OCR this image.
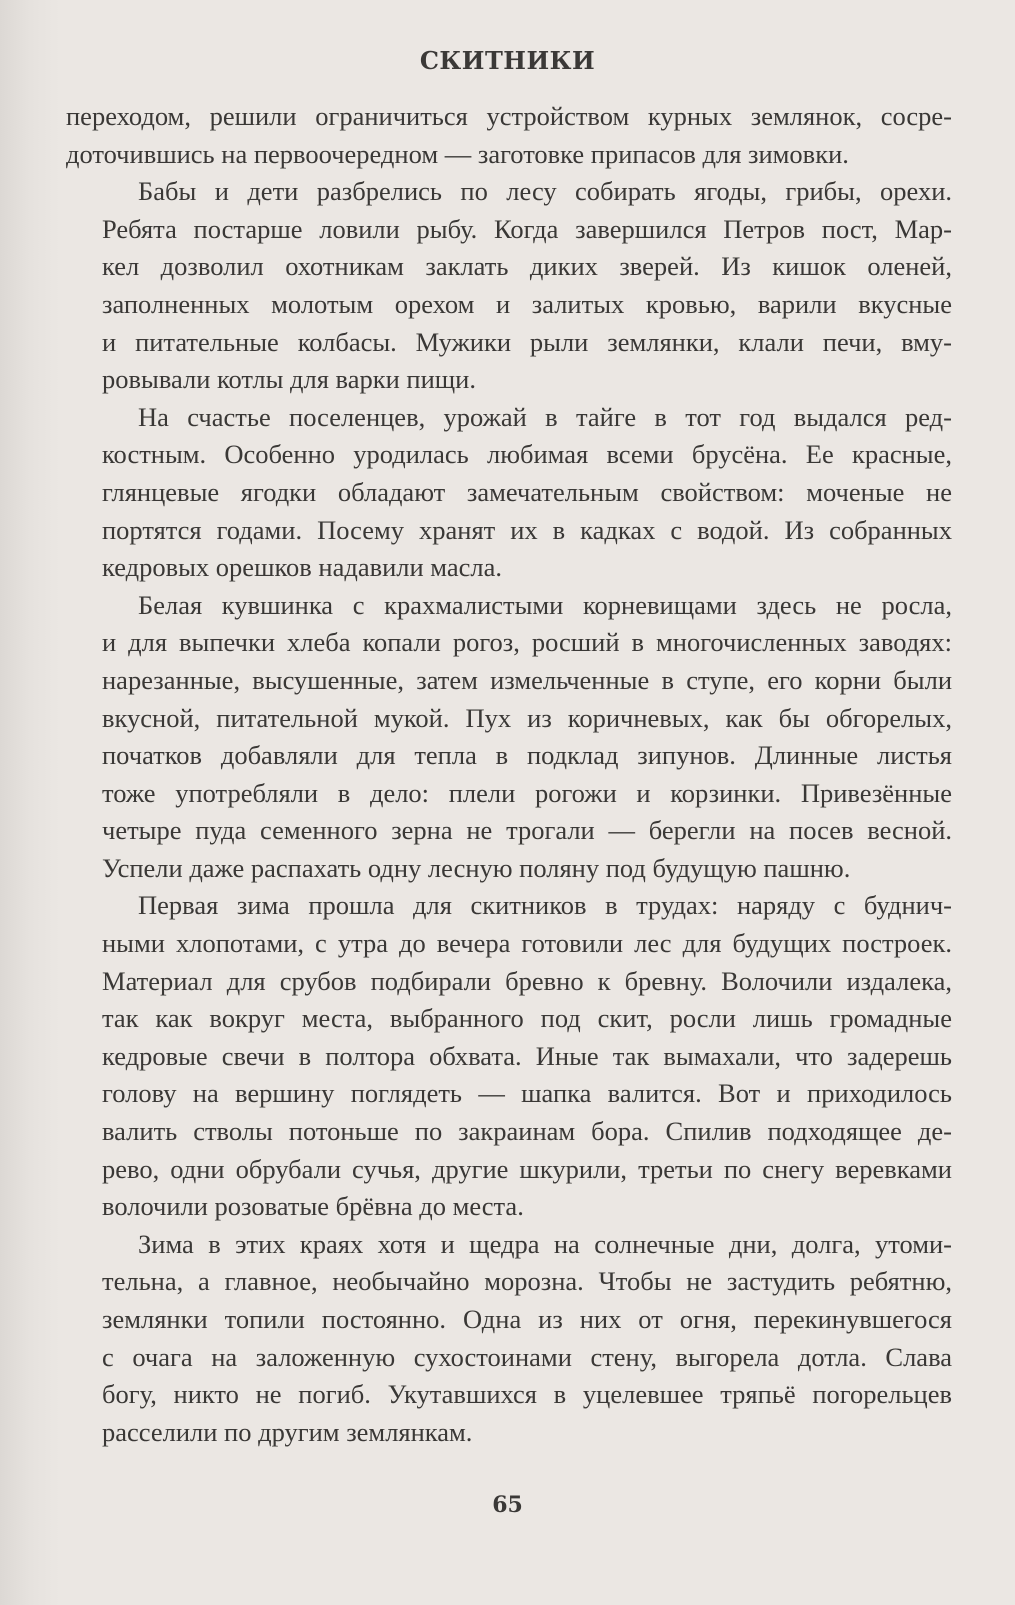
СКИТНИКИ
переходом, решили ограничиться устройством курных землянок, сосре-
доточившись на первоочередном — заготовке припасов для зимовки.
Бабы и дети разбрелись по лесу собирать ягоды, грибы, орехи.
Ребята постарше ловили рыбу. Когда завершился Петров пост, Мар-
кел дозволил охотникам заклать диких зверей. Из кишок оленей,
заполненных молотым орехом и залитых кровью, варили вкусные
и питательные колбасы. Мужики рыли землянки, клали печи, вму-
ровывали котлы для варки пищи.
На счастье поселенцев, урожай в тайге в тот год выдался ред-
костным. Особенно уродилась любимая всеми брусёна. Ее красные,
глянцевые ягодки обладают замечательным свойством: моченые не
портятся годами. Посему хранят их в кадках с водой. Из собранных
кедровых орешков надавили масла.
Белая кувшинка с крахмалистыми корневищами здесь не росла,
и для выпечки хлеба копали рогоз, росший в многочисленных заводях:
нарезанные, высушенные, затем измельченные в ступе, его корни были
вкусной, питательной мукой. Пух из коричневых, как бы обгорелых,
початков добавляли для тепла в подклад зипунов. Длинные листья
тоже употребляли в дело: плели рогожи и корзинки. Привезённые
четыре пуда семенного зерна не трогали — берегли на посев весной.
Успели даже распахать одну лесную поляну под будущую пашню.
Первая зима прошла для скитников в трудах: наряду с буднич-
ными хлопотами, с утра до вечера готовили лес для будущих построек.
Материал для срубов подбирали бревно к бревну. Волочили издалека,
так как вокруг места, выбранного под скит, росли лишь громадные
кедровые свечи в полтора обхвата. Иные так вымахали, что задерешь
голову на вершину поглядеть — шапка валится. Вот и приходилось
валить стволы потоньше по закраинам бора. Спилив подходящее де-
рево, одни обрубали сучья, другие шкурили, третьи по снегу веревками
волочили розоватые брёвна до места.
Зима в этих краях хотя и щедра на солнечные дни, долга, утоми-
тельна, а главное, необычайно морозна. Чтобы не застудить ребятню,
землянки топили постоянно. Одна из них от огня, перекинувшегося
с очага на заложенную сухостоинами стену, выгорела дотла. Слава
богу, никто не погиб. Укутавшихся в уцелевшее тряпьё погорельцев
расселили по другим землянкам.
65
